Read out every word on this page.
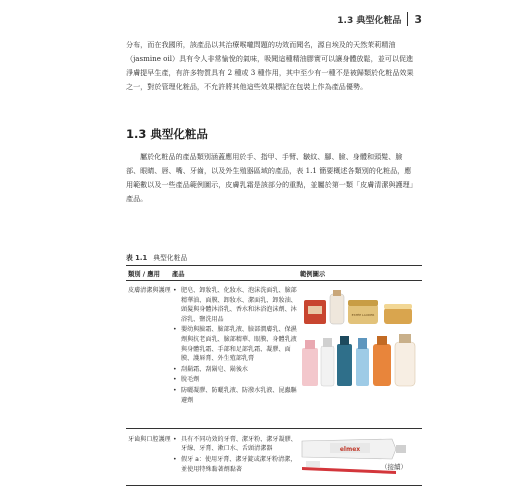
1.3 典型化粧品 3

分布，而在我國所，該產品以其治療喉嚨問題的功效而聞名，源自埃及的天然茉莉精油（jasmine oil）具有令人非常愉悅的氣味，吸聞這種精油膠實可以讓身體放鬆，並可以促進淨膚提早生產，有許多物質具有 2 種或 3 種作用，其中至少有一種不是被歸類於化粧品效果之一，對於管理化粧品，不允許將其他這些效果標記在包裝上作為產品優勢。

1.3 典型化粧品

屬於化粧品的產品類別涵蓋應用於手、指甲、手臂、皺紋、腳、臉、身體和頭髮、臉部、眼睛、唇、嘴、牙齒，以及外生殖器區域的產品，表 1.1 簡要概述各類別的化粧品，應用範數以及一些產品範例圖示，皮膚乳霜是該部分的重點，並屬於第一類「皮膚清潔與護理」產品。

表 1.1 典型化粧品
類別 / 應用	產品	範例圖示
皮膚清潔與護理	• 肥皂、卸妝乳、化妝水、泡沫洗面乳、臉部精華油、面膜、卸妝水、潔面乳、卸妝油、頭髮與身體沐浴乳、香水和沐浴泡沫劑、沐浴乳、鹽洗用品
• 嬰幼與臉霜、臉部乳液、臉部潤膚乳、保濕劑與抗老面乳、臉部精華、眼膜、身體乳液與身體乳霜、手部和足部乳霜、凝膠、面膜、護唇膏、外生殖部乳膏
• 刮鬍霜、刮鬍皂、鬍後水
• 脫毛劑
• 防曬凝膠、防曬乳液、防潑水乳液、昆蟲驅避劑
ESTÉE LAUDER
牙齒與口腔護理	• 具有不同功效的牙膏、潔牙粉、潔牙凝膠、牙線、牙膏、漱口水、舌頭清潔器
• 假牙 a：使用牙膏、潔牙錠或潔牙粉清潔，並使用特殊黏著劑黏著
elmex
（接續）
